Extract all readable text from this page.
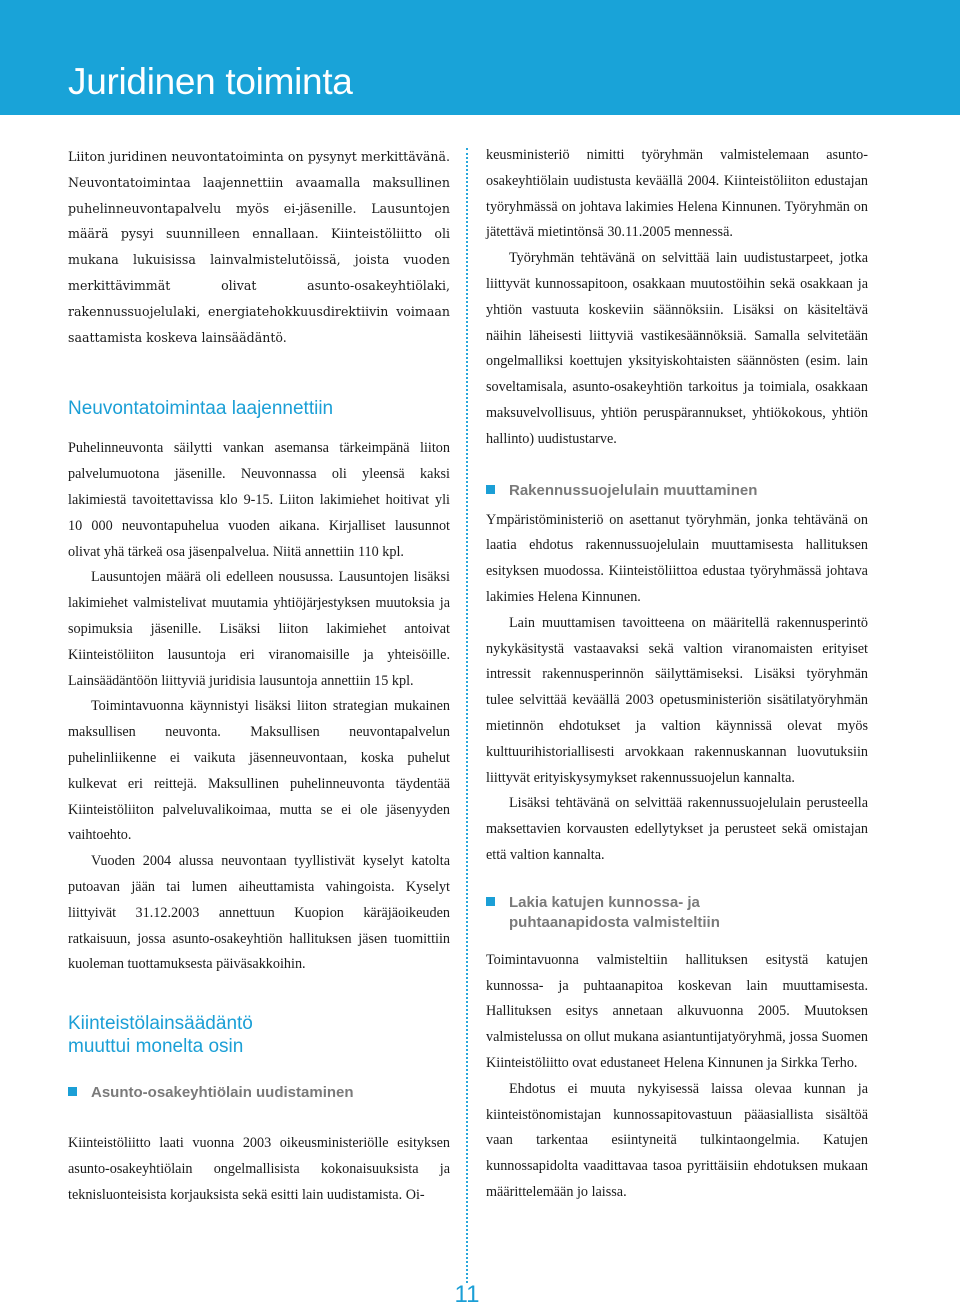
Juridinen toiminta

Liiton juridinen neuvontatoiminta on pysynyt merkittävänä. Neuvontatoimintaa laajennettiin avaamalla maksullinen puhelinneuvontapalvelu myös ei-jäsenille. Lausuntojen määrä pysyi suunnilleen ennallaan. Kiinteistöliitto oli mukana lukuisissa lainvalmistelutöissä, joista vuoden merkittävimmät olivat asunto-osakeyhtiölaki, rakennussuojelulaki, energiatehokkuusdirektiivin voimaan saattamista koskeva lainsäädäntö.

Neuvontatoimintaa laajennettiin

Puhelinneuvonta säilytti vankan asemansa tärkeimpänä liiton palvelumuotona jäsenille. Neuvonnassa oli yleensä kaksi lakimiestä tavoitettavissa klo 9-15. Liiton lakimiehet hoitivat yli 10 000 neuvontapuhelua vuoden aikana. Kirjalliset lausunnot olivat yhä tärkeä osa jäsenpalvelua. Niitä annettiin 110 kpl.

Lausuntojen määrä oli edelleen nousussa. Lausuntojen lisäksi lakimiehet valmistelivat muutamia yhtiöjärjestyksen muutoksia ja sopimuksia jäsenille. Lisäksi liiton lakimiehet antoivat Kiinteistöliiton lausuntoja eri viranomaisille ja yhteisöille. Lainsäädäntöön liittyviä juridisia lausuntoja annettiin 15 kpl.

Toimintavuonna käynnistyi lisäksi liiton strategian mukainen maksullisen neuvonta. Maksullisen neuvontapalvelun puhelinliikenne ei vaikuta jäsenneuvontaan, koska puhelut kulkevat eri reittejä. Maksullinen puhelinneuvonta täydentää Kiinteistöliiton palveluvalikoimaa, mutta se ei ole jäsenyyden vaihtoehto.

Vuoden 2004 alussa neuvontaan tyyllistivät kyselyt katolta putoavan jään tai lumen aiheuttamista vahingoista. Kyselyt liittyivät 31.12.2003 annettuun Kuopion käräjäoikeuden ratkaisuun, jossa asunto-osakeyhtiön hallituksen jäsen tuomittiin kuoleman tuottamuksesta päiväsakkoihin.

Kiinteistölainsäädäntö
muuttui monelta osin
Asunto-osakeyhtiölain uudistaminen

Kiinteistöliitto laati vuonna 2003 oikeusministeriölle esityksen asunto-osakeyhtiölain ongelmallisista kokonaisuuksista ja teknisluonteisista korjauksista sekä esitti lain uudistamista. Oi-

keusministeriö nimitti työryhmän valmistelemaan asunto-osakeyhtiölain uudistusta keväällä 2004. Kiinteistöliiton edustajan työryhmässä on johtava lakimies Helena Kinnunen. Työryhmän on jätettävä mietintönsä 30.11.2005 mennessä.

Työryhmän tehtävänä on selvittää lain uudistustarpeet, jotka liittyvät kunnossapitoon, osakkaan muutostöihin sekä osakkaan ja yhtiön vastuuta koskeviin säännöksiin. Lisäksi on käsiteltävä näihin läheisesti liittyviä vastikesäännöksiä. Samalla selvitetään ongelmalliksi koettujen yksityiskohtaisten säännösten (esim. lain soveltamisala, asunto-osakeyhtiön tarkoitus ja toimiala, osakkaan maksuvelvollisuus, yhtiön peruspärannukset, yhtiökokous, yhtiön hallinto) uudistustarve.

Rakennussuojelulain muuttaminen

Ympäristöministeriö on asettanut työryhmän, jonka tehtävänä on laatia ehdotus rakennussuojelulain muuttamisesta hallituksen esityksen muodossa. Kiinteistöliittoa edustaa työryhmässä johtava lakimies Helena Kinnunen.

Lain muuttamisen tavoitteena on määritellä rakennusperintö nykykäsitystä vastaavaksi sekä valtion viranomaisten erityiset intressit rakennusperinnön säilyttämiseksi. Lisäksi työryhmän tulee selvittää keväällä 2003 opetusministeriön sisätilatyöryhmän mietinnön ehdotukset ja valtion käynnissä olevat myös kulttuurihistoriallisesti arvokkaan rakennuskannan luovutuksiin liittyvät erityiskysymykset rakennussuojelun kannalta.

Lisäksi tehtävänä on selvittää rakennussuojelulain perusteella maksettavien korvausten edellytykset ja perusteet sekä omistajan että valtion kannalta.

Lakia katujen kunnossa- ja
puhtaanapidosta valmisteltiin

Toimintavuonna valmisteltiin hallituksen esitystä katujen kunnossa- ja puhtaanapitoa koskevan lain muuttamisesta. Hallituksen esitys annetaan alkuvuonna 2005. Muutoksen valmistelussa on ollut mukana asiantuntijatyöryhmä, jossa Suomen Kiinteistöliitto ovat edustaneet Helena Kinnunen ja Sirkka Terho.

Ehdotus ei muuta nykyisessä laissa olevaa kunnan ja kiinteistönomistajan kunnossapitovastuun pääasiallista sisältöä vaan tarkentaa esiintyneitä tulkintaongelmia. Katujen kunnossapidolta vaadittavaa tasoa pyrittäisiin ehdotuksen mukaan määrittelemään jo laissa.

11
